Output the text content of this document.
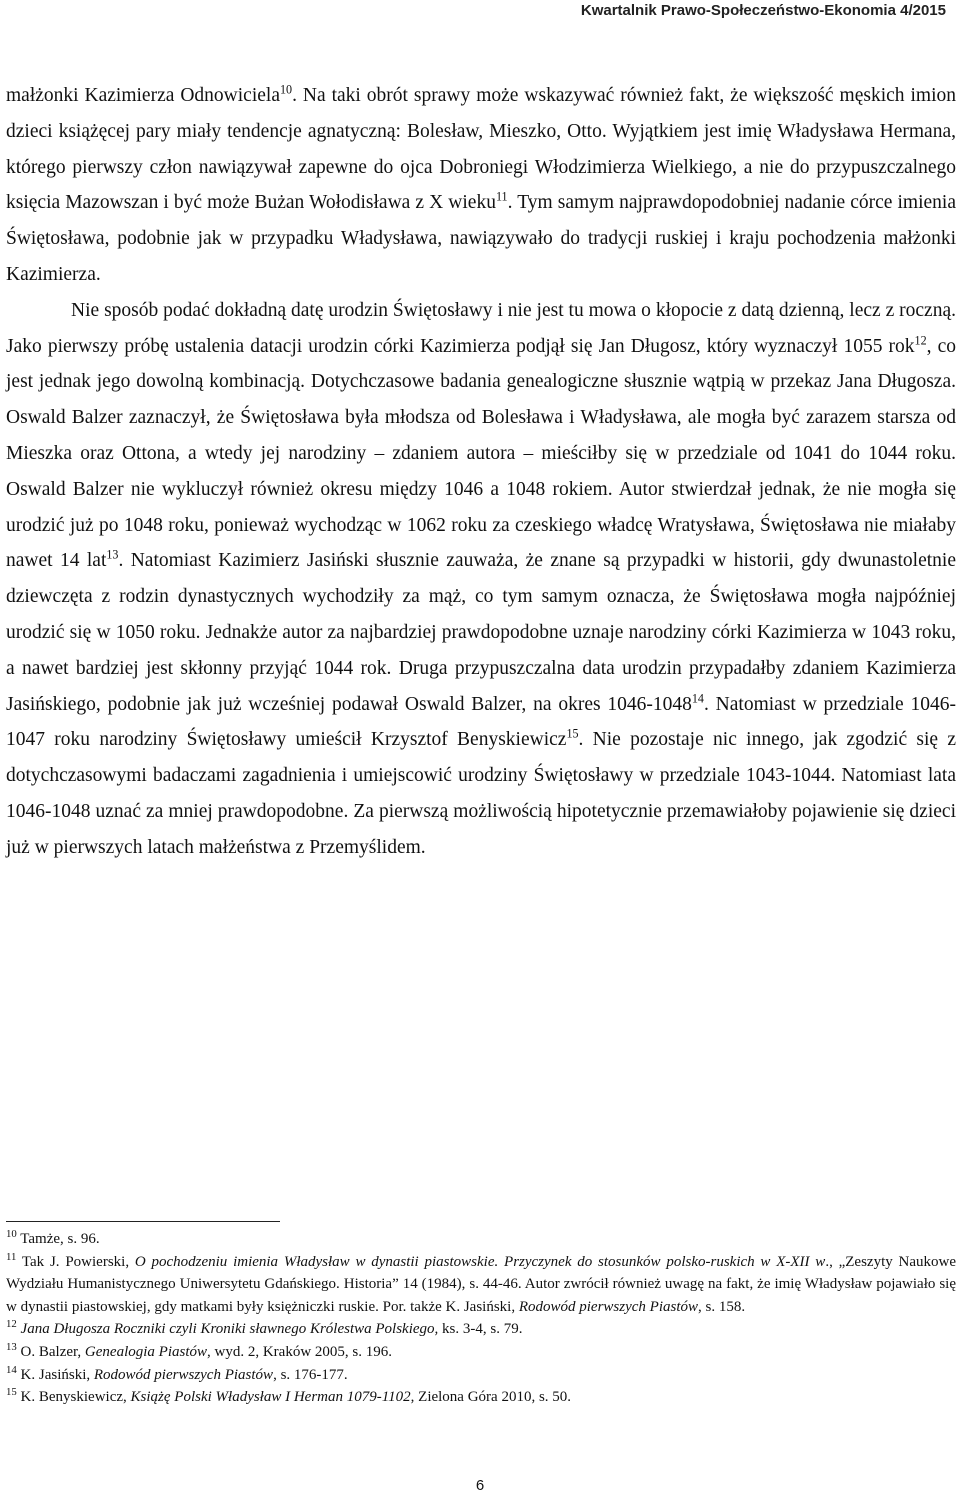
Kwartalnik Prawo-Społeczeństwo-Ekonomia 4/2015

małżonki Kazimierza Odnowiciela$^{10}$. Na taki obrót sprawy może wskazywać również fakt, że większość męskich imion dzieci książęcej pary miały tendencje agnatyczną: Bolesław, Mieszko, Otto. Wyjątkiem jest imię Władysława Hermana, którego pierwszy człon nawiązywał zapewne do ojca Dobroniegi Włodzimierza Wielkiego, a nie do przypuszczalnego księcia Mazowszan i być może Bużan Wołodisława z X wieku$^{11}$. Tym samym najprawdopodobniej nadanie córce imienia Świętosława, podobnie jak w przypadku Władysława, nawiązywało do tradycji ruskiej i kraju pochodzenia małżonki Kazimierza.

Nie sposób podać dokładną datę urodzin Świętosławy i nie jest tu mowa o kłopocie z datą dzienną, lecz z roczną. Jako pierwszy próbę ustalenia datacji urodzin córki Kazimierza podjął się Jan Długosz, który wyznaczył 1055 rok$^{12}$, co jest jednak jego dowolną kombinacją. Dotychczasowe badania genealogiczne słusznie wątpią w przekaz Jana Długosza. Oswald Balzer zaznaczył, że Świętosława była młodsza od Bolesława i Władysława, ale mogła być zarazem starsza od Mieszka oraz Ottona, a wtedy jej narodziny – zdaniem autora – mieściłby się w przedziale od 1041 do 1044 roku. Oswald Balzer nie wykluczył również okresu między 1046 a 1048 rokiem. Autor stwierdzał jednak, że nie mogła się urodzić już po 1048 roku, ponieważ wychodząc w 1062 roku za czeskiego władcę Wratysława, Świętosława nie miałaby nawet 14 lat$^{13}$. Natomiast Kazimierz Jasiński słusznie zauważa, że znane są przypadki w historii, gdy dwunastoletnie dziewczęta z rodzin dynastycznych wychodziły za mąż, co tym samym oznacza, że Świętosława mogła najpóźniej urodzić się w 1050 roku. Jednakże autor za najbardziej prawdopodobne uznaje narodziny córki Kazimierza w 1043 roku, a nawet bardziej jest skłonny przyjąć 1044 rok. Druga przypuszczalna data urodzin przypadałby zdaniem Kazimierza Jasińskiego, podobnie jak już wcześniej podawał Oswald Balzer, na okres 1046-1048$^{14}$. Natomiast w przedziale 1046-1047 roku narodziny Świętosławy umieścił Krzysztof Benyskiewicz$^{15}$. Nie pozostaje nic innego, jak zgodzić się z dotychczasowymi badaczami zagadnienia i umiejscowić urodziny Świętosławy w przedziale 1043-1044. Natomiast lata 1046-1048 uznać za mniej prawdopodobne. Za pierwszą możliwością hipotetycznie przemawiałoby pojawienie się dzieci już w pierwszych latach małżeństwa z Przemyślidem.

$^{10}$ Tamże, s. 96.

$^{11}$ Tak J. Powierski, O pochodzeniu imienia Władysław w dynastii piastowskie. Przyczynek do stosunków polsko-ruskich w X-XII w., „Zeszyty Naukowe Wydziału Humanistycznego Uniwersytetu Gdańskiego. Historia” 14 (1984), s. 44-46. Autor zwrócił również uwagę na fakt, że imię Władysław pojawiało się w dynastii piastowskiej, gdy matkami były księżniczki ruskie. Por. także K. Jasiński, Rodowód pierwszych Piastów, s. 158.

$^{12}$ Jana Długosza Roczniki czyli Kroniki sławnego Królestwa Polskiego, ks. 3-4, s. 79.

$^{13}$ O. Balzer, Genealogia Piastów, wyd. 2, Kraków 2005, s. 196.

$^{14}$ K. Jasiński, Rodowód pierwszych Piastów, s. 176-177.

$^{15}$ K. Benyskiewicz, Książę Polski Władysław I Herman 1079-1102, Zielona Góra 2010, s. 50.

6
